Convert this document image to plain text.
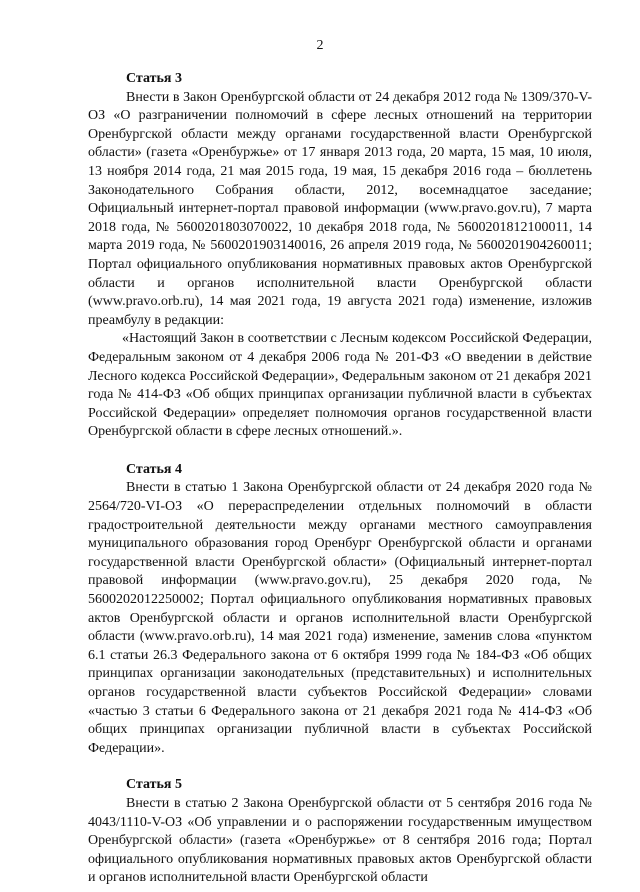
2

Статья 3

Внести в Закон Оренбургской области от 24 декабря 2012 года № 1309/370-V-ОЗ «О разграничении полномочий в сфере лесных отношений на территории Оренбургской области между органами государственной власти Оренбургской области» (газета «Оренбуржье» от 17 января 2013 года, 20 марта, 15 мая, 10 июля, 13 ноября 2014 года, 21 мая 2015 года, 19 мая, 15 декабря 2016 года – бюллетень Законодательного Собрания области, 2012, восемнадцатое заседание; Официальный интернет-портал правовой информации (www.pravo.gov.ru), 7 марта 2018 года, № 5600201803070022, 10 декабря 2018 года, № 5600201812100011, 14 марта 2019 года, № 5600201903140016, 26 апреля 2019 года, № 5600201904260011; Портал официального опубликования нормативных правовых актов Оренбургской области и органов исполнительной власти Оренбургской области (www.pravo.orb.ru), 14 мая 2021 года, 19 августа 2021 года) изменение, изложив преамбулу в редакции:

«Настоящий Закон в соответствии с Лесным кодексом Российской Федерации, Федеральным законом от 4 декабря 2006 года № 201-ФЗ «О введении в действие Лесного кодекса Российской Федерации», Федеральным законом от 21 декабря 2021 года № 414-ФЗ «Об общих принципах организации публичной власти в субъектах Российской Федерации» определяет полномочия органов государственной власти Оренбургской области в сфере лесных отношений.».

Статья 4

Внести в статью 1 Закона Оренбургской области от 24 декабря 2020 года № 2564/720-VI-ОЗ «О перераспределении отдельных полномочий в области градостроительной деятельности между органами местного самоуправления муниципального образования город Оренбург Оренбургской области и органами государственной власти Оренбургской области» (Официальный интернет-портал правовой информации (www.pravo.gov.ru), 25 декабря 2020 года, № 5600202012250002; Портал официального опубликования нормативных правовых актов Оренбургской области и органов исполнительной власти Оренбургской области (www.pravo.orb.ru), 14 мая 2021 года) изменение, заменив слова «пунктом 6.1 статьи 26.3 Федерального закона от 6 октября 1999 года № 184-ФЗ «Об общих принципах организации законодательных (представительных) и исполнительных органов государственной власти субъектов Российской Федерации» словами «частью 3 статьи 6 Федерального закона от 21 декабря 2021 года № 414-ФЗ «Об общих принципах организации публичной власти в субъектах Российской Федерации».

Статья 5

Внести в статью 2 Закона Оренбургской области от 5 сентября 2016 года № 4043/1110-V-ОЗ «Об управлении и о распоряжении государственным имуществом Оренбургской области» (газета «Оренбуржье» от 8 сентября 2016 года; Портал официального опубликования нормативных правовых актов Оренбургской области и органов исполнительной власти Оренбургской области
